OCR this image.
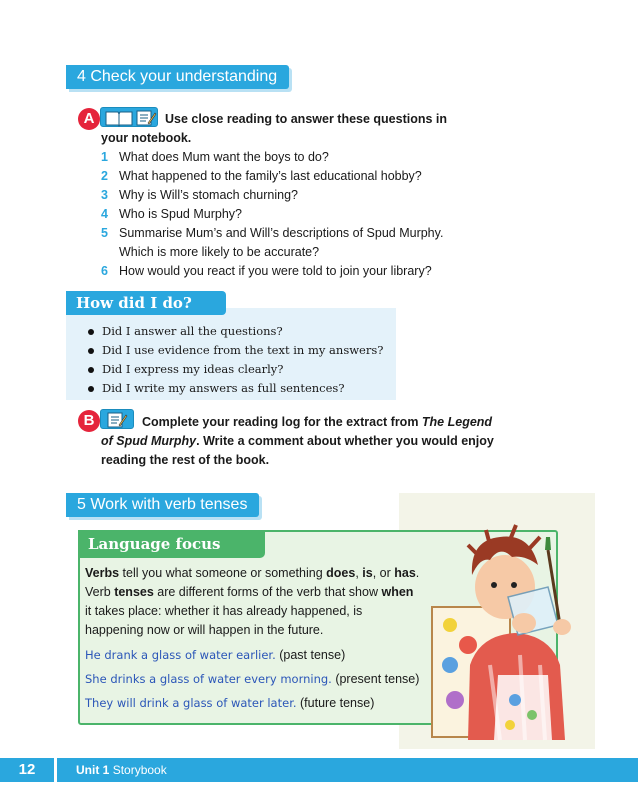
4 Check your understanding
A	Use close reading to answer these questions in
your notebook.
1 What does Mum want the boys to do?
2 What happened to the family’s last educational hobby?
3 Why is Will’s stomach churning?
4 Who is Spud Murphy?
5 Summarise Mum’s and Will’s descriptions of Spud Murphy.
Which is more likely to be accurate?
6 How would you react if you were told to join your library?
How did I do?
Did I answer all the questions?
Did I use evidence from the text in my answers?
Did I express my ideas clearly?
Did I write my answers as full sentences?
B	Complete your reading log for the extract from The Legend
of Spud Murphy. Write a comment about whether you would enjoy
reading the rest of the book.
5 Work with verb tenses
Language focus
Verbs tell you what someone or something does, is, or has.
Verb tenses are different forms of the verb that show when
it takes place: whether it has already happened, is
happening now or will happen in the future.
He drank a glass of water earlier. (past tense)
She drinks a glass of water every morning. (present tense)
They will drink a glass of water later. (future tense)
12	Unit 1 Storybook
